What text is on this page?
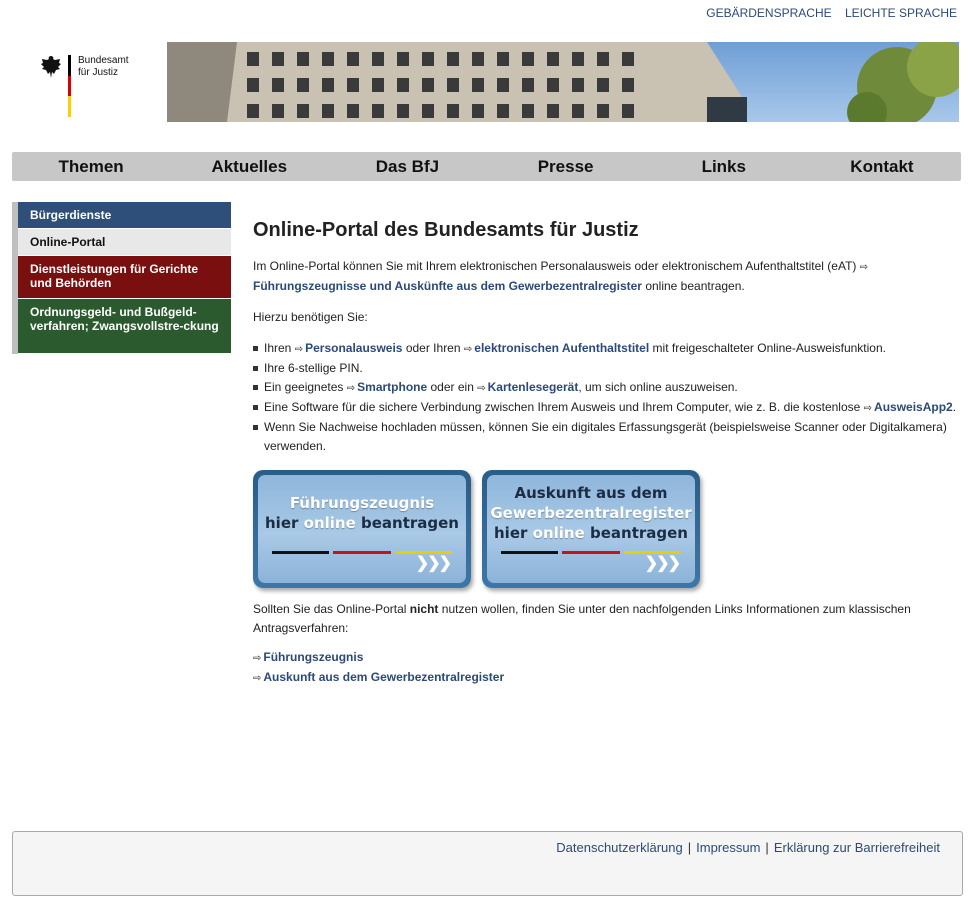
GEBÄRDENSPRACHE LEICHTE SPRACHE
Bundesamt
für Justiz
Themen	Aktuelles	Das BfJ	Presse	Links	Kontakt
Bürgerdienste
Online-Portal
Dienstleistungen für Gerichte und Behörden
Ordnungsgeld- und Bußgeld-verfahren; Zwangsvollstre-ckung
Online-Portal des Bundesamts für Justiz

Im Online-Portal können Sie mit Ihrem elektronischen Personalausweis oder elektronischem Aufenthaltstitel (eAT) ⇨
Führungszeugnisse und Auskünfte aus dem Gewerbezentralregister online beantragen.

Hierzu benötigen Sie:

Ihren ⇨ Personalausweis oder Ihren ⇨ elektronischen Aufenthaltstitel mit freigeschalteter Online-Ausweisfunktion.
Ihre 6-stellige PIN.
Ein geeignetes ⇨ Smartphone oder ein ⇨ Kartenlesegerät, um sich online auszuweisen.
Eine Software für die sichere Verbindung zwischen Ihrem Ausweis und Ihrem Computer, wie z. B. die kostenlose ⇨ AusweisApp2.
Wenn Sie Nachweise hochladen müssen, können Sie ein digitales Erfassungsgerät (beispielsweise Scanner oder Digitalkamera) verwenden.
Führungszeugnis
hier online beantragen
❯❯❯
Auskunft aus dem
Gewerbezentralregister
hier online beantragen
❯❯❯

Sollten Sie das Online-Portal nicht nutzen wollen, finden Sie unter den nachfolgenden Links Informationen zum klassischen Antragsverfahren:

⇨ Führungszeugnis
⇨ Auskunft aus dem Gewerbezentralregister
Datenschutzerklärung | Impressum | Erklärung zur Barrierefreiheit
